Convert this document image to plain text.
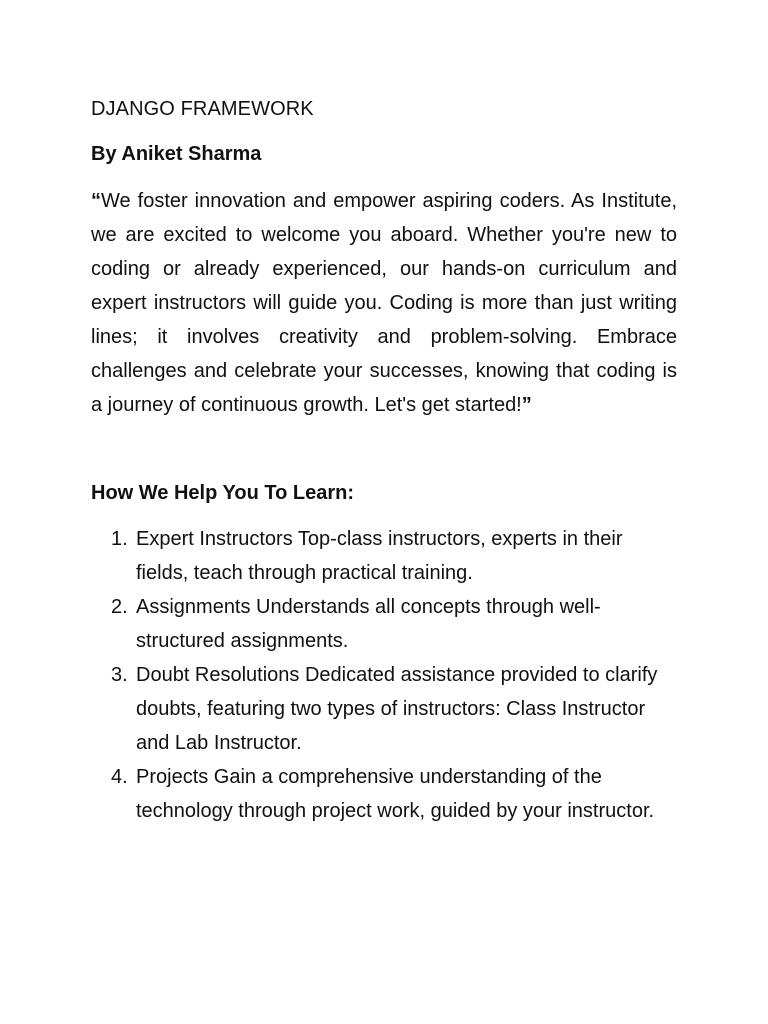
DJANGO FRAMEWORK
By Aniket Sharma

“We foster innovation and empower aspiring coders. As Institute, we are excited to welcome you aboard. Whether you're new to coding or already experienced, our hands-on curriculum and expert instructors will guide you. Coding is more than just writing lines; it involves creativity and problem-solving. Embrace challenges and celebrate your successes, knowing that coding is a journey of continuous growth. Let's get started!”

How We Help You To Learn:
1. Expert Instructors Top-class instructors, experts in their fields, teach through practical training.
2. Assignments Understands all concepts through well-structured assignments.
3. Doubt Resolutions Dedicated assistance provided to clarify doubts, featuring two types of instructors: Class Instructor and Lab Instructor.
4. Projects Gain a comprehensive understanding of the technology through project work, guided by your instructor.
